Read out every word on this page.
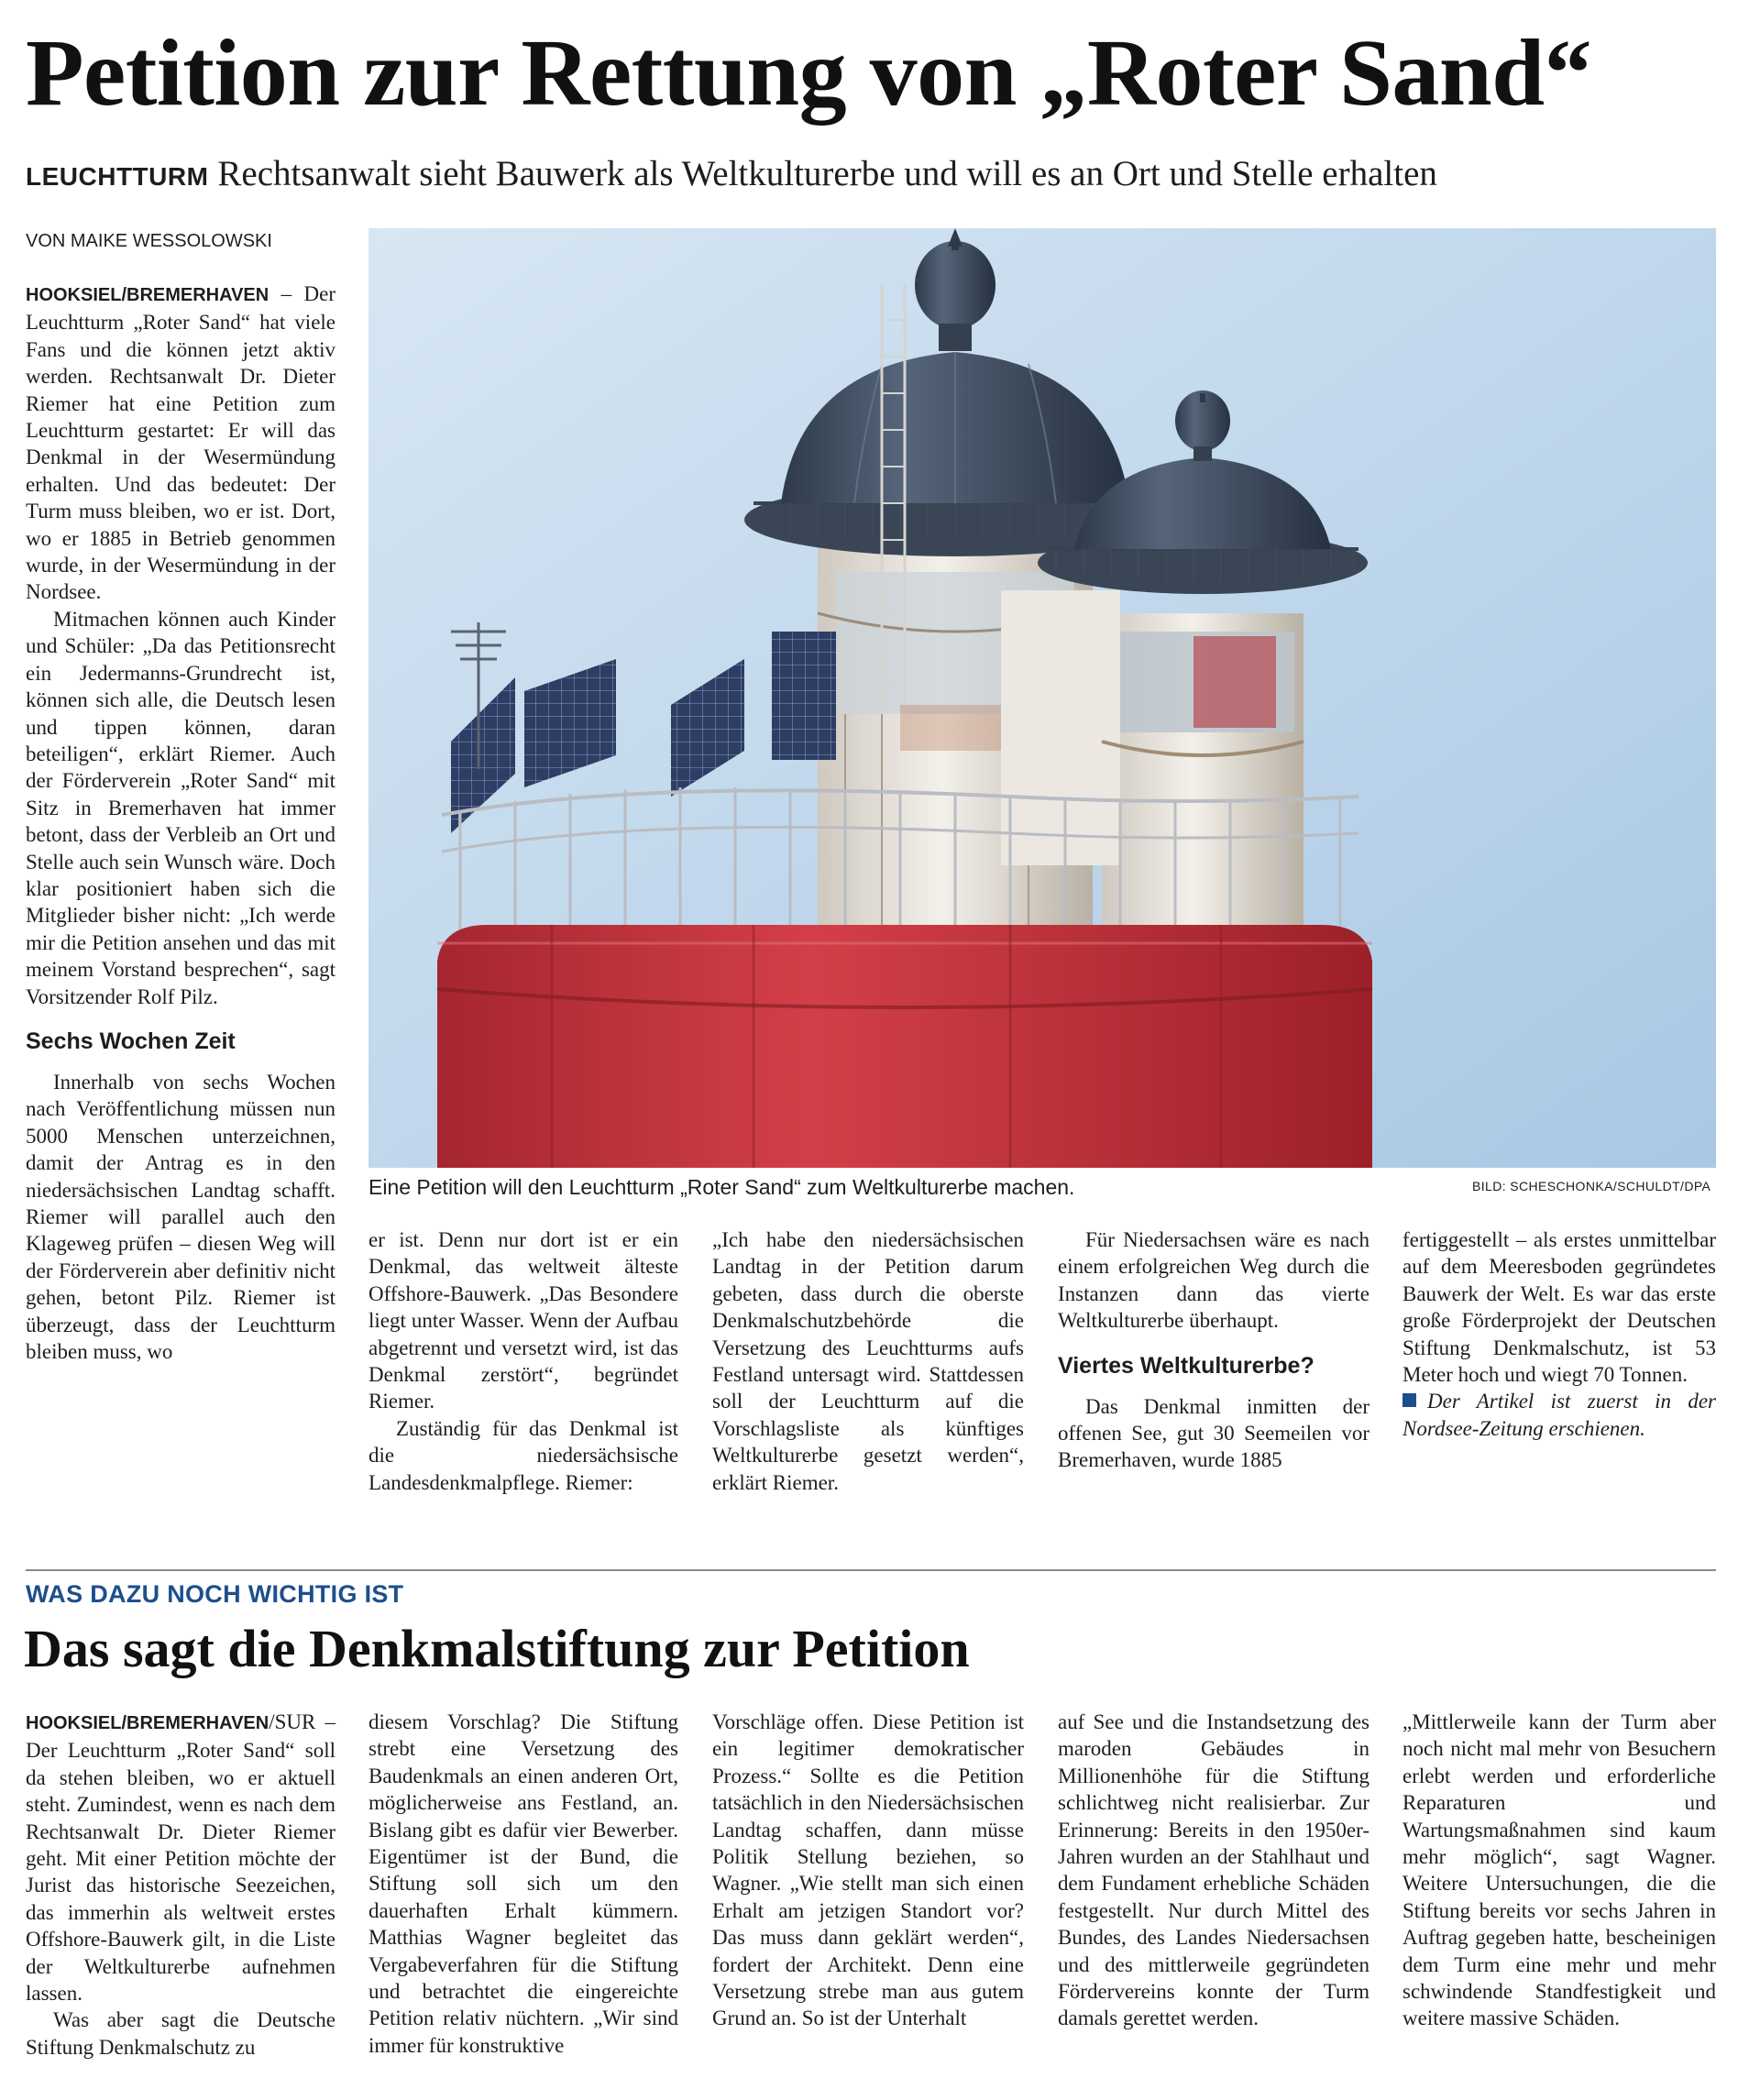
Petition zur Rettung von „Roter Sand“
LEUCHTTURM Rechtsanwalt sieht Bauwerk als Weltkulturerbe und will es an Ort und Stelle erhalten
VON MAIKE WESSOLOWSKI

HOOKSIEL/BREMERHAVEN – Der Leuchtturm „Roter Sand“ hat viele Fans und die können jetzt aktiv werden. Rechtsanwalt Dr. Dieter Riemer hat eine Petition zum Leuchtturm gestartet: Er will das Denkmal in der Wesermündung erhalten. Und das bedeutet: Der Turm muss bleiben, wo er ist. Dort, wo er 1885 in Betrieb genommen wurde, in der Wesermündung in der Nordsee.

Mitmachen können auch Kinder und Schüler: „Da das Petitionsrecht ein Jedermanns-Grundrecht ist, können sich alle, die Deutsch lesen und tippen können, daran beteiligen“, erklärt Riemer. Auch der Förderverein „Roter Sand“ mit Sitz in Bremerhaven hat immer betont, dass der Verbleib an Ort und Stelle auch sein Wunsch wäre. Doch klar positioniert haben sich die Mitglieder bisher nicht: „Ich werde mir die Petition ansehen und das mit meinem Vorstand besprechen“, sagt Vorsitzender Rolf Pilz.

Sechs Wochen Zeit

Innerhalb von sechs Wochen nach Veröffentlichung müssen nun 5000 Menschen unterzeichnen, damit der Antrag es in den niedersächsischen Landtag schafft. Riemer will parallel auch den Klageweg prüfen – diesen Weg will der Förderverein aber definitiv nicht gehen, betont Pilz. Riemer ist überzeugt, dass der Leuchtturm bleiben muss, wo

Eine Petition will den Leuchtturm „Roter Sand“ zum Weltkulturerbe machen.	BILD: SCHESCHONKA/SCHULDT/DPA

er ist. Denn nur dort ist er ein Denkmal, das weltweit älteste Offshore-Bauwerk. „Das Besondere liegt unter Wasser. Wenn der Aufbau abgetrennt und versetzt wird, ist das Denkmal zerstört“, begründet Riemer.

Zuständig für das Denkmal ist die niedersächsische Landesdenkmalpflege. Riemer:

„Ich habe den niedersächsischen Landtag in der Petition darum gebeten, dass durch die oberste Denkmalschutzbehörde die Versetzung des Leuchtturms aufs Festland untersagt wird. Stattdessen soll der Leuchtturm auf die Vorschlagsliste als künftiges Weltkulturerbe gesetzt werden“, erklärt Riemer.

Für Niedersachsen wäre es nach einem erfolgreichen Weg durch die Instanzen dann das vierte Weltkulturerbe überhaupt.

Viertes Weltkulturerbe?

Das Denkmal inmitten der offenen See, gut 30 Seemeilen vor Bremerhaven, wurde 1885

fertiggestellt – als erstes unmittelbar auf dem Meeresboden gegründetes Bauwerk der Welt. Es war das erste große Förderprojekt der Deutschen Stiftung Denkmalschutz, ist 53 Meter hoch und wiegt 70 Tonnen.

Der Artikel ist zuerst in der Nordsee-Zeitung erschienen.

WAS DAZU NOCH WICHTIG IST
Das sagt die Denkmalstiftung zur Petition

HOOKSIEL/BREMERHAVEN/SUR – Der Leuchtturm „Roter Sand“ soll da stehen bleiben, wo er aktuell steht. Zumindest, wenn es nach dem Rechtsanwalt Dr. Dieter Riemer geht. Mit einer Petition möchte der Jurist das historische Seezeichen, das immerhin als weltweit erstes Offshore-Bauwerk gilt, in die Liste der Weltkulturerbe aufnehmen lassen.

Was aber sagt die Deutsche Stiftung Denkmalschutz zu

diesem Vorschlag? Die Stiftung strebt eine Versetzung des Baudenkmals an einen anderen Ort, möglicherweise ans Festland, an. Bislang gibt es dafür vier Bewerber. Eigentümer ist der Bund, die Stiftung soll sich um den dauerhaften Erhalt kümmern. Matthias Wagner begleitet das Vergabeverfahren für die Stiftung und betrachtet die eingereichte Petition relativ nüchtern. „Wir sind immer für konstruktive

Vorschläge offen. Diese Petition ist ein legitimer demokratischer Prozess.“ Sollte es die Petition tatsächlich in den Niedersächsischen Landtag schaffen, dann müsse Politik Stellung beziehen, so Wagner. „Wie stellt man sich einen Erhalt am jetzigen Standort vor? Das muss dann geklärt werden“, fordert der Architekt. Denn eine Versetzung strebe man aus gutem Grund an. So ist der Unterhalt

auf See und die Instandsetzung des maroden Gebäudes in Millionenhöhe für die Stiftung schlichtweg nicht realisierbar. Zur Erinnerung: Bereits in den 1950er-Jahren wurden an der Stahlhaut und dem Fundament erhebliche Schäden festgestellt. Nur durch Mittel des Bundes, des Landes Niedersachsen und des mittlerweile gegründeten Fördervereins konnte der Turm damals gerettet werden.

„Mittlerweile kann der Turm aber noch nicht mal mehr von Besuchern erlebt werden und erforderliche Reparaturen und Wartungsmaßnahmen sind kaum mehr möglich“, sagt Wagner. Weitere Untersuchungen, die die Stiftung bereits vor sechs Jahren in Auftrag gegeben hatte, bescheinigen dem Turm eine mehr und mehr schwindende Standfestigkeit und weitere massive Schäden.
